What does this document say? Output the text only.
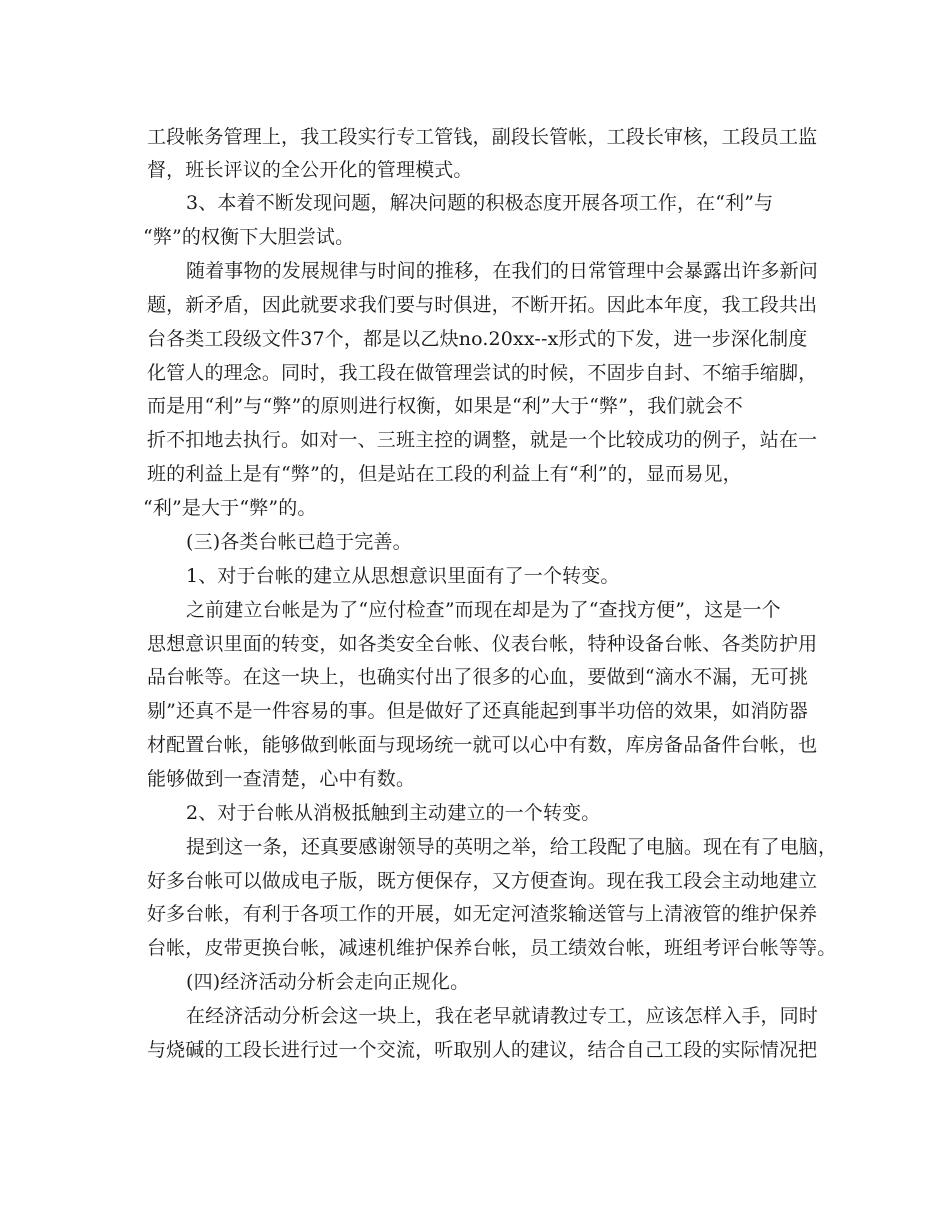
工段帐务管理上，我工段实行专工管钱，副段长管帐，工段长审核，工段员工监
督，班长评议的全公开化的管理模式。
3、本着不断发现问题，解决问题的积极态度开展各项工作，在“利”与
“弊”的权衡下大胆尝试。
随着事物的发展规律与时间的推移，在我们的日常管理中会暴露出许多新问
题，新矛盾，因此就要求我们要与时俱进，不断开拓。因此本年度，我工段共出
台各类工段级文件37个，都是以乙炔no.20xx--x形式的下发，进一步深化制度
化管人的理念。同时，我工段在做管理尝试的时候，不固步自封、不缩手缩脚，
而是用“利”与“弊”的原则进行权衡，如果是“利”大于“弊”，我们就会不
折不扣地去执行。如对一、三班主控的调整，就是一个比较成功的例子，站在一
班的利益上是有“弊”的，但是站在工段的利益上有“利”的，显而易见，
“利”是大于“弊”的。
(三)各类台帐已趋于完善。
1、对于台帐的建立从思想意识里面有了一个转变。
之前建立台帐是为了“应付检查”而现在却是为了“查找方便”，这是一个
思想意识里面的转变，如各类安全台帐、仪表台帐，特种设备台帐、各类防护用
品台帐等。在这一块上，也确实付出了很多的心血，要做到“滴水不漏，无可挑
剔”还真不是一件容易的事。但是做好了还真能起到事半功倍的效果，如消防器
材配置台帐，能够做到帐面与现场统一就可以心中有数，库房备品备件台帐，也
能够做到一查清楚，心中有数。
2、对于台帐从消极抵触到主动建立的一个转变。
提到这一条，还真要感谢领导的英明之举，给工段配了电脑。现在有了电脑，
好多台帐可以做成电子版，既方便保存，又方便查询。现在我工段会主动地建立
好多台帐，有利于各项工作的开展，如无定河渣浆输送管与上清液管的维护保养
台帐，皮带更换台帐，减速机维护保养台帐，员工绩效台帐，班组考评台帐等等。
(四)经济活动分析会走向正规化。
在经济活动分析会这一块上，我在老早就请教过专工，应该怎样入手，同时
与烧碱的工段长进行过一个交流，听取别人的建议，结合自己工段的实际情况把
